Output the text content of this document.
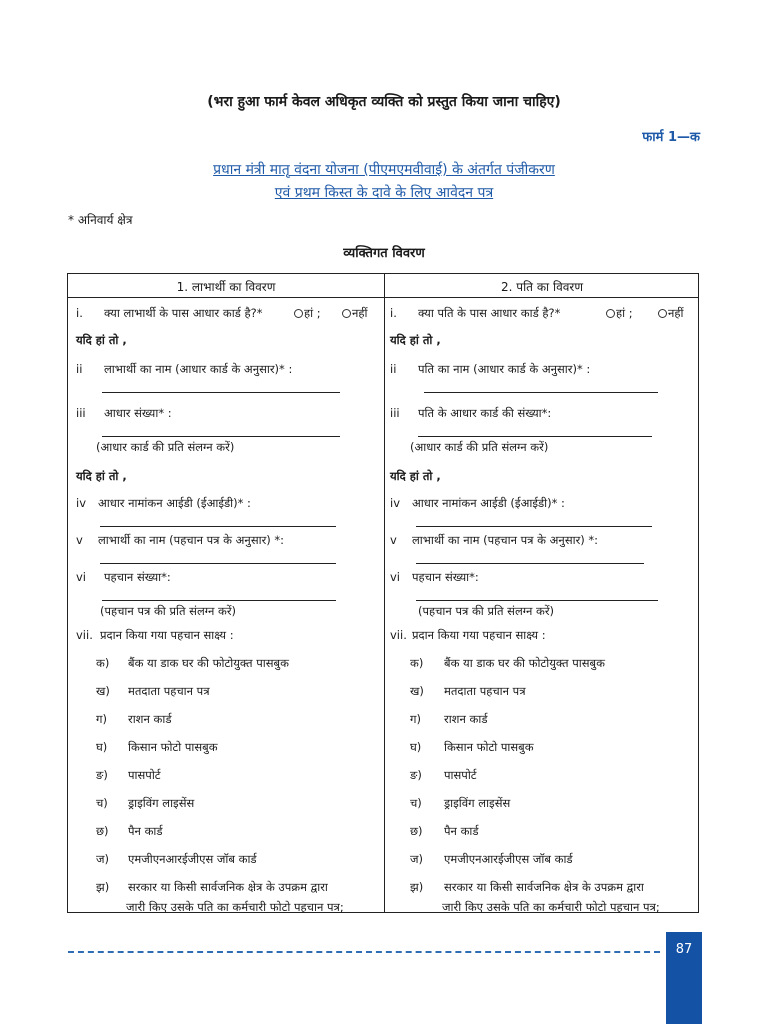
(भरा हुआ फार्म केवल अधिकृत व्यक्ति को प्रस्तुत किया जाना चाहिए)
फार्म 1—क
प्रधान मंत्री मातृ वंदना योजना (पीएमएमवीवाई) के अंतर्गत पंजीकरण
एवं प्रथम किस्त के दावे के लिए आवेदन पत्र
* अनिवार्य क्षेत्र
व्यक्तिगत विवरण
1. लाभार्थी का विवरण
i. क्या लाभार्थी के पास आधार कार्ड है?*	हां ;	नहीं
यदि हां तो ,
ii लाभार्थी का नाम (आधार कार्ड के अनुसार)* :
iii आधार संख्या* :
(आधार कार्ड की प्रति संलग्न करें)
यदि हां तो ,
iv आधार नामांकन आईडी (ईआईडी)* :
v लाभार्थी का नाम (पहचान पत्र के अनुसार) *:
vi पहचान संख्या*:
(पहचान पत्र की प्रति संलग्न करें)
vii. प्रदान किया गया पहचान साक्ष्य :
क) बैंक या डाक घर की फोटोयुक्त पासबुक
ख) मतदाता पहचान पत्र
ग) राशन कार्ड
घ) किसान फोटो पासबुक
ङ) पासपोर्ट
च) ड्राइविंग लाइसेंस
छ) पैन कार्ड
ज) एमजीएनआरईजीएस जॉब कार्ड
झ) सरकार या किसी सार्वजनिक क्षेत्र के उपक्रम द्वारा
जारी किए उसके पति का कर्मचारी फोटो पहचान पत्र;
2. पति का विवरण
i. क्या पति के पास आधार कार्ड है?*	हां ;	नहीं
यदि हां तो ,
ii पति का नाम (आधार कार्ड के अनुसार)* :
iii पति के आधार कार्ड की संख्या*:
(आधार कार्ड की प्रति संलग्न करें)
यदि हां तो ,
iv आधार नामांकन आईडी (ईआईडी)* :
v लाभार्थी का नाम (पहचान पत्र के अनुसार) *:
vi पहचान संख्या*:
(पहचान पत्र की प्रति संलग्न करें)
vii. प्रदान किया गया पहचान साक्ष्य :
क) बैंक या डाक घर की फोटोयुक्त पासबुक
ख) मतदाता पहचान पत्र
ग) राशन कार्ड
घ) किसान फोटो पासबुक
ङ) पासपोर्ट
च) ड्राइविंग लाइसेंस
छ) पैन कार्ड
ज) एमजीएनआरईजीएस जॉब कार्ड
झ) सरकार या किसी सार्वजनिक क्षेत्र के उपक्रम द्वारा
जारी किए उसके पति का कर्मचारी फोटो पहचान पत्र;
87
